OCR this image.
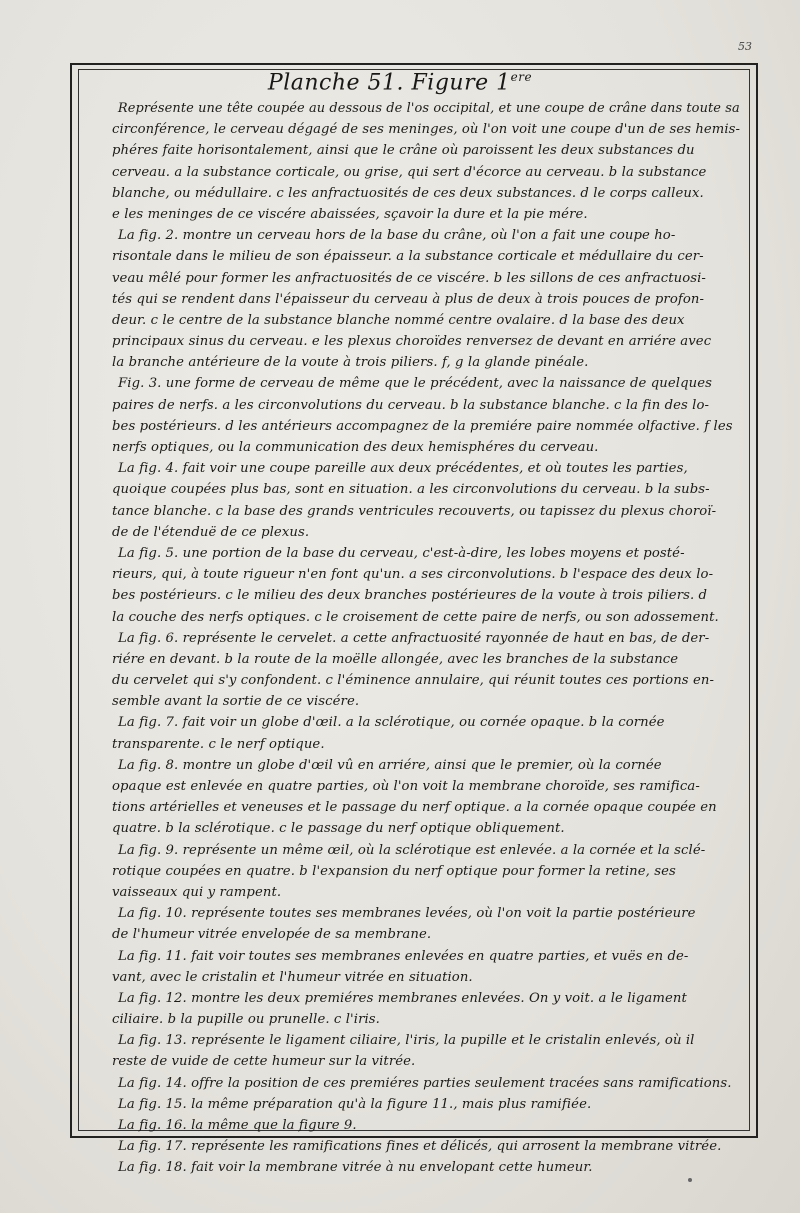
53
Planche 51. Figure 1ere
Représente une tête coupée au dessous de l'os occipital, et une coupe de crâne dans toute sa
circonférence, le cerveau dégagé de ses meninges, où l'on voit une coupe d'un de ses hemis-
phéres faite horisontalement, ainsi que le crâne où paroissent les deux substances du
cerveau. a la substance corticale, ou grise, qui sert d'écorce au cerveau. b la substance
blanche, ou médullaire. c les anfractuosités de ces deux substances. d le corps calleux.
e les meninges de ce viscére abaissées, sçavoir la dure et la pie mére.
La fig. 2. montre un cerveau hors de la base du crâne, où l'on a fait une coupe ho-
risontale dans le milieu de son épaisseur. a la substance corticale et médullaire du cer-
veau mêlé pour former les anfractuosités de ce viscére. b les sillons de ces anfractuosi-
tés qui se rendent dans l'épaisseur du cerveau à plus de deux à trois pouces de profon-
deur. c le centre de la substance blanche nommé centre ovalaire. d la base des deux
principaux sinus du cerveau. e les plexus choroïdes renversez de devant en arriére avec
la branche antérieure de la voute à trois piliers. f, g la glande pinéale.
Fig. 3. une forme de cerveau de même que le précédent, avec la naissance de quelques
paires de nerfs. a les circonvolutions du cerveau. b la substance blanche. c la fin des lo-
bes postérieurs. d les antérieurs accompagnez de la premiére paire nommée olfactive. f les
nerfs optiques, ou la communication des deux hemisphéres du cerveau.
La fig. 4. fait voir une coupe pareille aux deux précédentes, et où toutes les parties,
quoique coupées plus bas, sont en situation. a les circonvolutions du cerveau. b la subs-
tance blanche. c la base des grands ventricules recouverts, ou tapissez du plexus choroï-
de de l'étenduë de ce plexus.
La fig. 5. une portion de la base du cerveau, c'est-à-dire, les lobes moyens et posté-
rieurs, qui, à toute rigueur n'en font qu'un. a ses circonvolutions. b l'espace des deux lo-
bes postérieurs. c le milieu des deux branches postérieures de la voute à trois piliers. d
la couche des nerfs optiques. c le croisement de cette paire de nerfs, ou son adossement.
La fig. 6. représente le cervelet. a cette anfractuosité rayonnée de haut en bas, de der-
riére en devant. b la route de la moëlle allongée, avec les branches de la substance
du cervelet qui s'y confondent. c l'éminence annulaire, qui réunit toutes ces portions en-
semble avant la sortie de ce viscére.
La fig. 7. fait voir un globe d'œil. a la sclérotique, ou cornée opaque. b la cornée
transparente. c le nerf optique.
La fig. 8. montre un globe d'œil vû en arriére, ainsi que le premier, où la cornée
opaque est enlevée en quatre parties, où l'on voit la membrane choroïde, ses ramifica-
tions artérielles et veneuses et le passage du nerf optique. a la cornée opaque coupée en
quatre. b la sclérotique. c le passage du nerf optique obliquement.
La fig. 9. représente un même œil, où la sclérotique est enlevée. a la cornée et la sclé-
rotique coupées en quatre. b l'expansion du nerf optique pour former la retine, ses
vaisseaux qui y rampent.
La fig. 10. représente toutes ses membranes levées, où l'on voit la partie postérieure
de l'humeur vitrée envelopée de sa membrane.
La fig. 11. fait voir toutes ses membranes enlevées en quatre parties, et vuës en de-
vant, avec le cristalin et l'humeur vitrée en situation.
La fig. 12. montre les deux premiéres membranes enlevées. On y voit. a le ligament
ciliaire. b la pupille ou prunelle. c l'iris.
La fig. 13. représente le ligament ciliaire, l'iris, la pupille et le cristalin enlevés, où il
reste de vuide de cette humeur sur la vitrée.
La fig. 14. offre la position de ces premiéres parties seulement tracées sans ramifications.
La fig. 15. la même préparation qu'à la figure 11., mais plus ramifiée.
La fig. 16. la même que la figure 9.
La fig. 17. représente les ramifications fines et délicés, qui arrosent la membrane vitrée.
La fig. 18. fait voir la membrane vitrée à nu envelopant cette humeur.
